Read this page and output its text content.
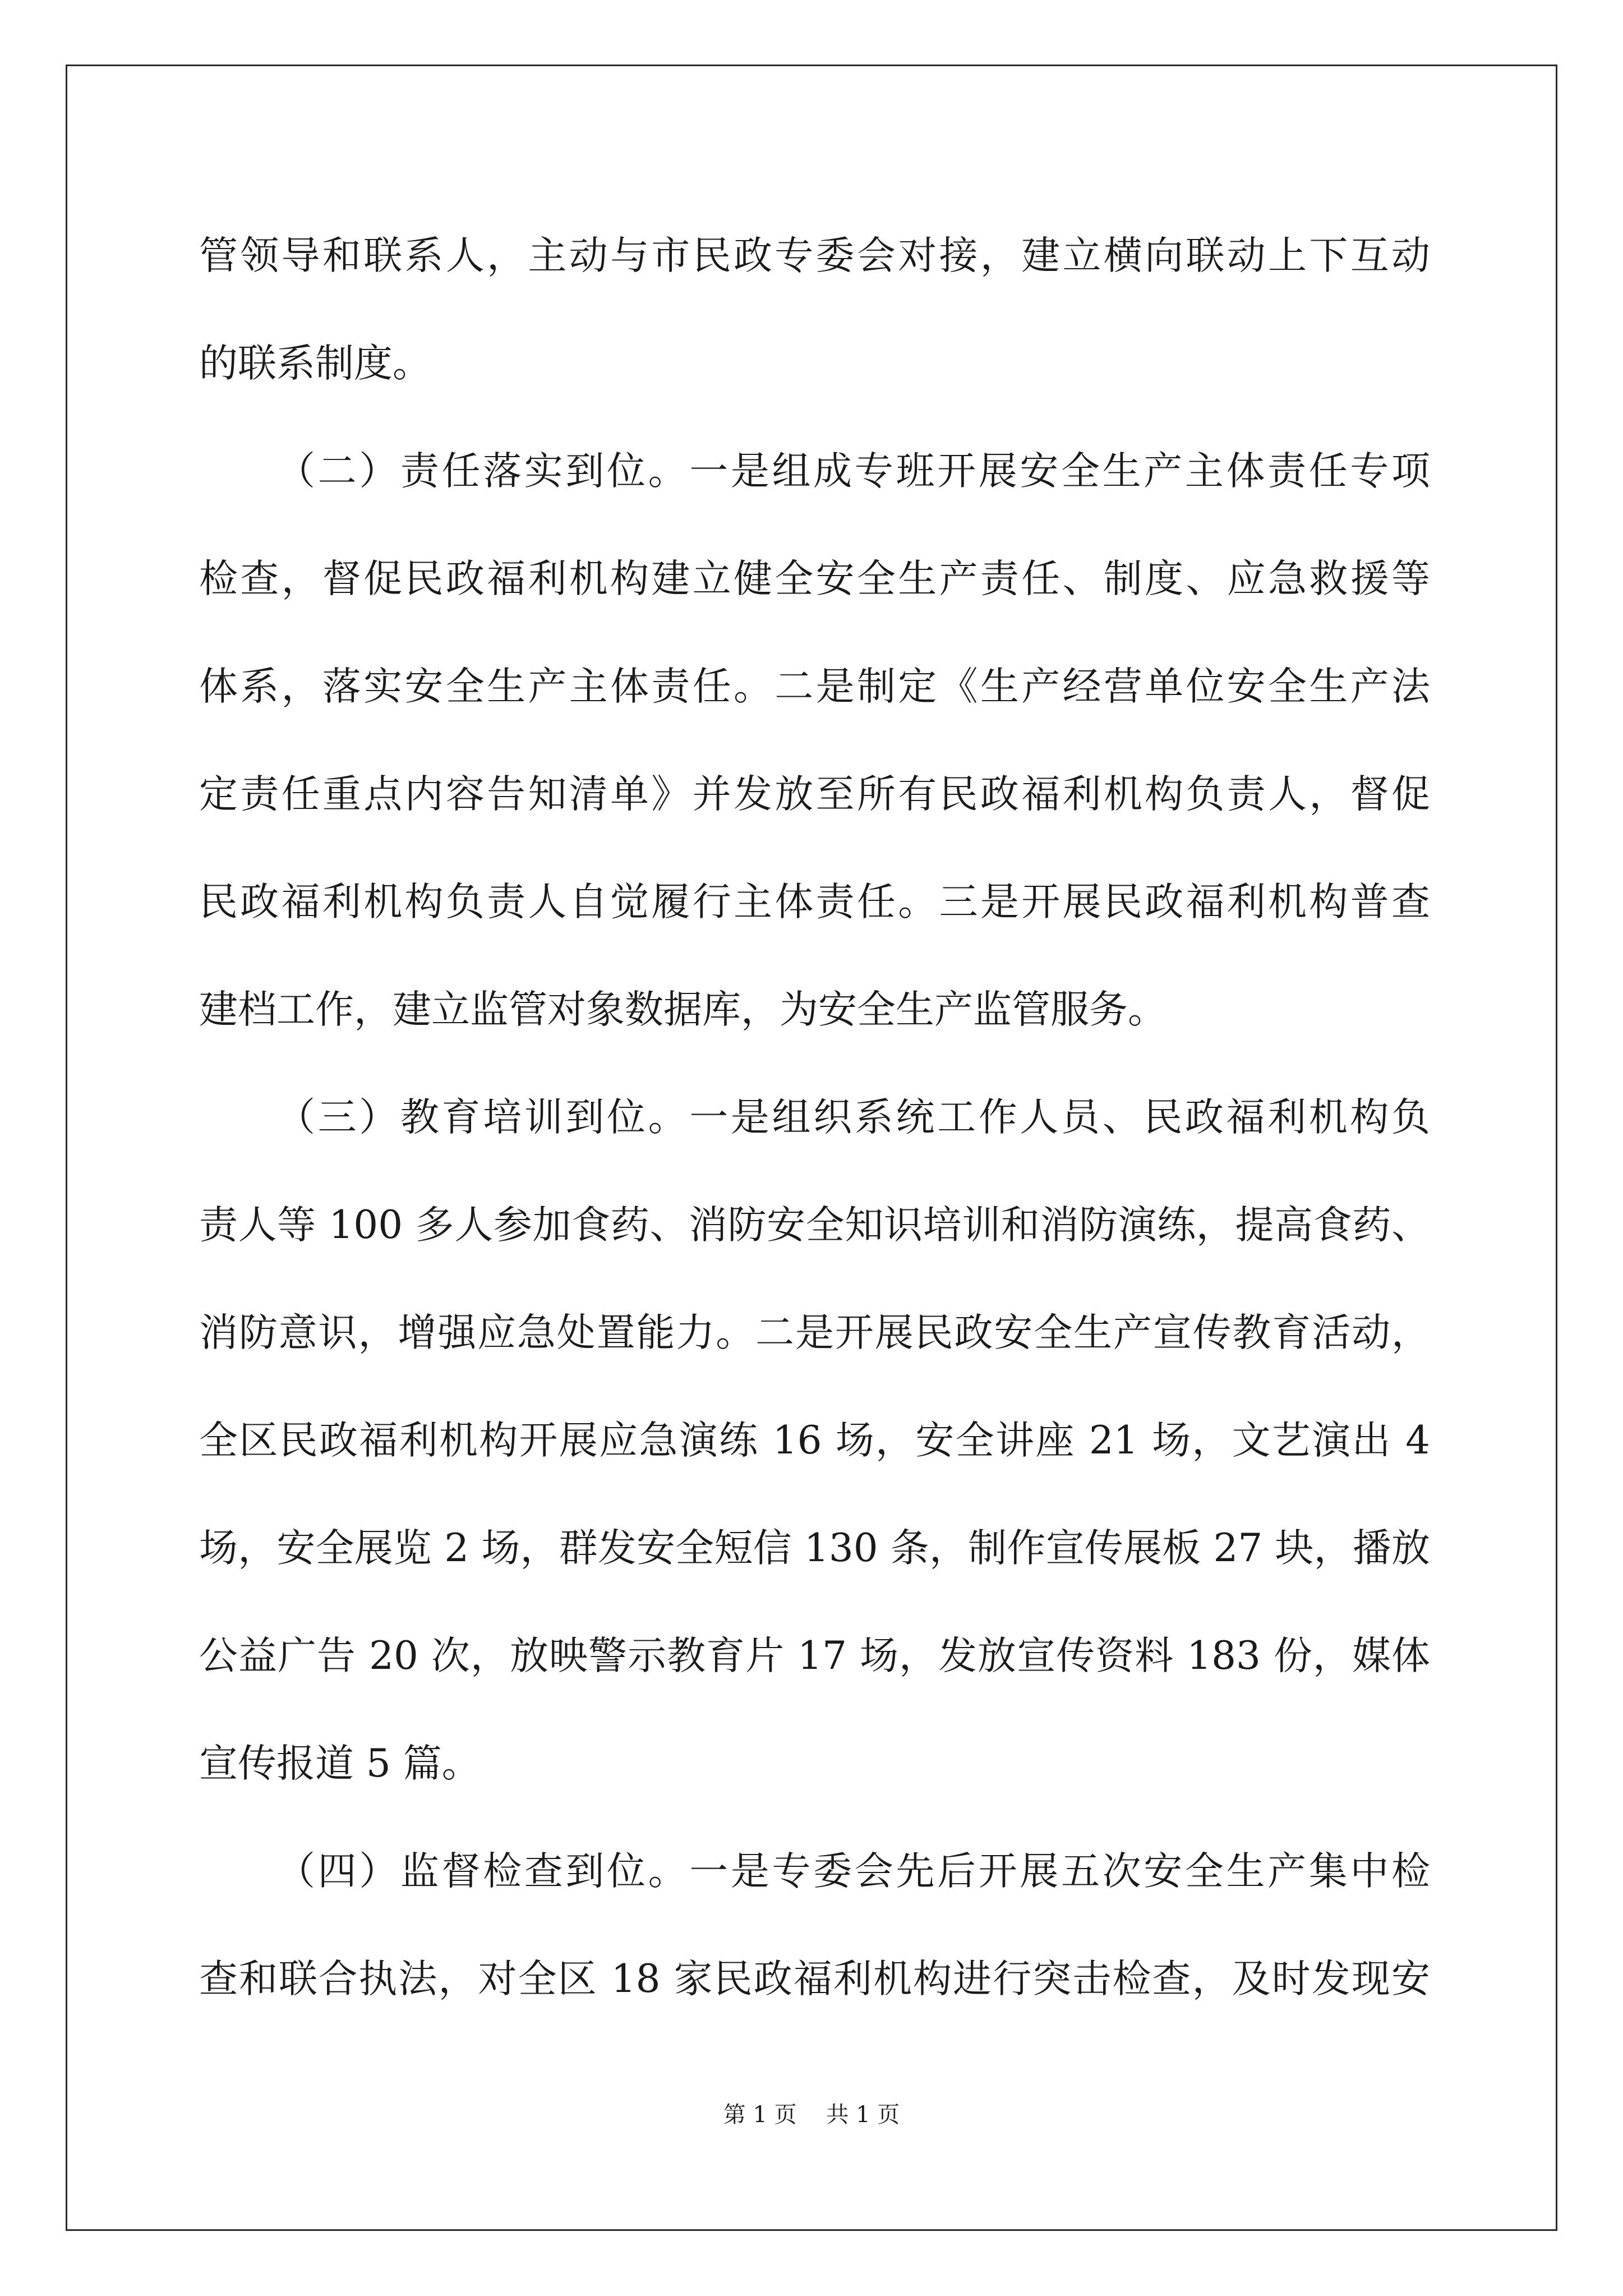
管领导和联系人，主动与市民政专委会对接，建立横向联动上下互动
的联系制度。
（二）责任落实到位。一是组成专班开展安全生产主体责任专项
检查，督促民政福利机构建立健全安全生产责任、制度、应急救援等
体系，落实安全生产主体责任。二是制定《生产经营单位安全生产法
定责任重点内容告知清单》并发放至所有民政福利机构负责人，督促
民政福利机构负责人自觉履行主体责任。三是开展民政福利机构普查
建档工作，建立监管对象数据库，为安全生产监管服务。
（三）教育培训到位。一是组织系统工作人员、民政福利机构负
责人等 100 多人参加食药、消防安全知识培训和消防演练，提高食药、
消防意识，增强应急处置能力。二是开展民政安全生产宣传教育活动，
全区民政福利机构开展应急演练 16 场，安全讲座 21 场，文艺演出 4
场，安全展览 2 场，群发安全短信 130 条，制作宣传展板 27 块，播放
公益广告 20 次，放映警示教育片 17 场，发放宣传资料 183 份，媒体
宣传报道 5 篇。
（四）监督检查到位。一是专委会先后开展五次安全生产集中检
查和联合执法，对全区 18 家民政福利机构进行突击检查，及时发现安
第 1 页 共 1 页
